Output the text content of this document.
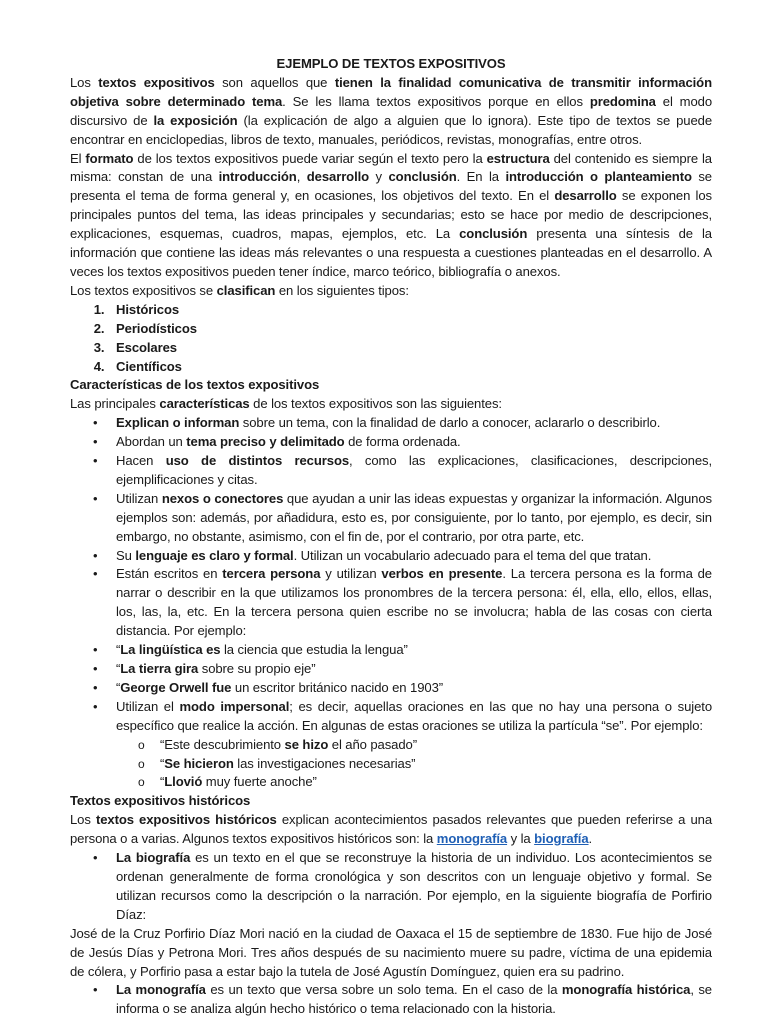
EJEMPLO DE TEXTOS EXPOSITIVOS

Los textos expositivos son aquellos que tienen la finalidad comunicativa de transmitir información objetiva sobre determinado tema. Se les llama textos expositivos porque en ellos predomina el modo discursivo de la exposición (la explicación de algo a alguien que lo ignora). Este tipo de textos se puede encontrar en enciclopedias, libros de texto, manuales, periódicos, revistas, monografías, entre otros.

El formato de los textos expositivos puede variar según el texto pero la estructura del contenido es siempre la misma: constan de una introducción, desarrollo y conclusión. En la introducción o planteamiento se presenta el tema de forma general y, en ocasiones, los objetivos del texto. En el desarrollo se exponen los principales puntos del tema, las ideas principales y secundarias; esto se hace por medio de descripciones, explicaciones, esquemas, cuadros, mapas, ejemplos, etc. La conclusión presenta una síntesis de la información que contiene las ideas más relevantes o una respuesta a cuestiones planteadas en el desarrollo. A veces los textos expositivos pueden tener índice, marco teórico, bibliografía o anexos.

Los textos expositivos se clasifican en los siguientes tipos:

1. Históricos
2. Periodísticos
3. Escolares
4. Científicos
Características de los textos expositivos

Las principales características de los textos expositivos son las siguientes:

• Explican o informan sobre un tema, con la finalidad de darlo a conocer, aclararlo o describirlo.
• Abordan un tema preciso y delimitado de forma ordenada.
• Hacen uso de distintos recursos, como las explicaciones, clasificaciones, descripciones, ejemplificaciones y citas.
• Utilizan nexos o conectores que ayudan a unir las ideas expuestas y organizar la información. Algunos ejemplos son: además, por añadidura, esto es, por consiguiente, por lo tanto, por ejemplo, es decir, sin embargo, no obstante, asimismo, con el fin de, por el contrario, por otra parte, etc.
• Su lenguaje es claro y formal. Utilizan un vocabulario adecuado para el tema del que tratan.
• Están escritos en tercera persona y utilizan verbos en presente. La tercera persona es la forma de narrar o describir en la que utilizamos los pronombres de la tercera persona: él, ella, ello, ellos, ellas, los, las, la, etc. En la tercera persona quien escribe no se involucra; habla de las cosas con cierta distancia. Por ejemplo:
• “La lingüística es la ciencia que estudia la lengua”
• “La tierra gira sobre su propio eje”
• “George Orwell fue un escritor británico nacido en 1903”
• Utilizan el modo impersonal; es decir, aquellas oraciones en las que no hay una persona o sujeto específico que realice la acción. En algunas de estas oraciones se utiliza la partícula “se”. Por ejemplo:
o “Este descubrimiento se hizo el año pasado”
o “Se hicieron las investigaciones necesarias”
o “Llovió muy fuerte anoche”
Textos expositivos históricos

Los textos expositivos históricos explican acontecimientos pasados relevantes que pueden referirse a una persona o a varias. Algunos textos expositivos históricos son: la monografía y la biografía.

• La biografía es un texto en el que se reconstruye la historia de un individuo. Los acontecimientos se ordenan generalmente de forma cronológica y son descritos con un lenguaje objetivo y formal. Se utilizan recursos como la descripción o la narración. Por ejemplo, en la siguiente biografía de Porfirio Díaz:

José de la Cruz Porfirio Díaz Mori nació en la ciudad de Oaxaca el 15 de septiembre de 1830. Fue hijo de José de Jesús Días y Petrona Mori. Tres años después de su nacimiento muere su padre, víctima de una epidemia de cólera, y Porfirio pasa a estar bajo la tutela de José Agustín Domínguez, quien era su padrino.

• La monografía es un texto que versa sobre un solo tema. En el caso de la monografía histórica, se informa o se analiza algún hecho histórico o tema relacionado con la historia.
